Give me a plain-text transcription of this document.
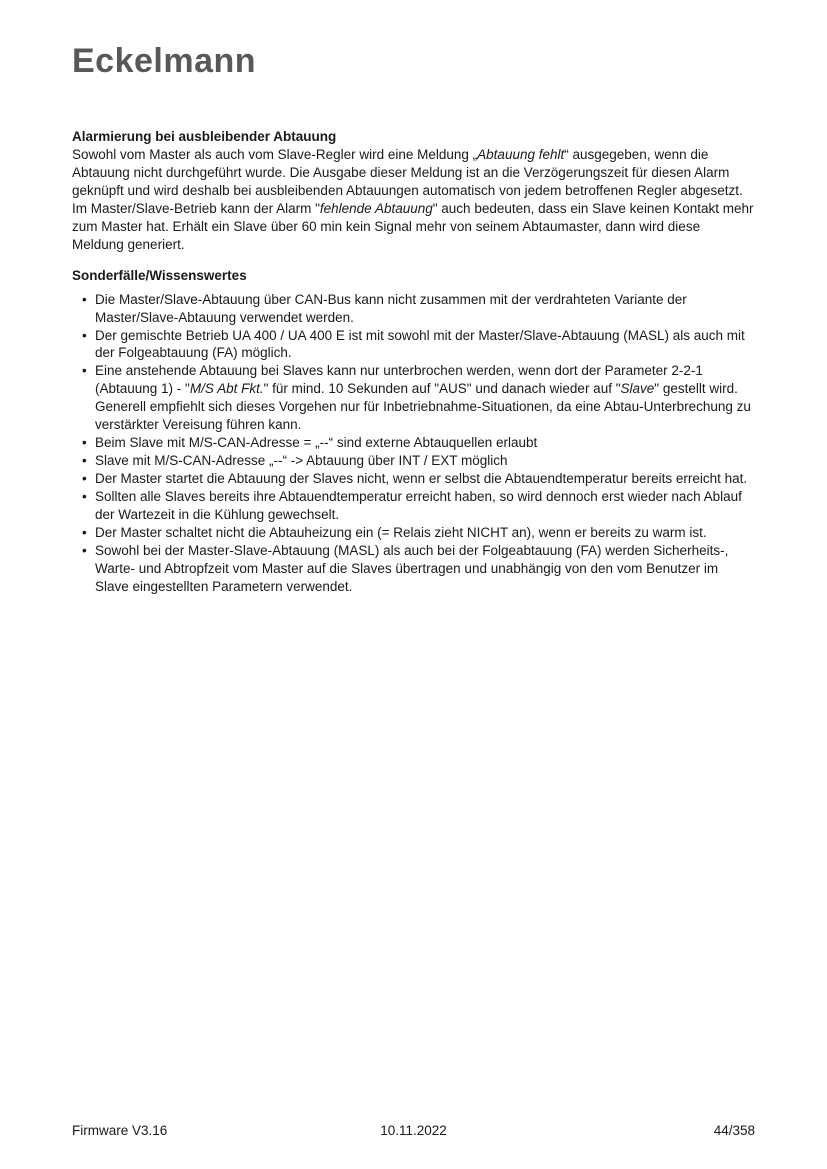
Eckelmann
Alarmierung bei ausbleibender Abtauung

Sowohl vom Master als auch vom Slave-Regler wird eine Meldung „Abtauung fehlt“ ausgegeben, wenn die Abtauung nicht durchgeführt wurde. Die Ausgabe dieser Meldung ist an die Verzögerungszeit für diesen Alarm geknüpft und wird deshalb bei ausbleibenden Abtauungen automatisch von jedem betroffenen Regler abgesetzt. Im Master/Slave-Betrieb kann der Alarm "fehlende Abtauung" auch bedeuten, dass ein Slave keinen Kontakt mehr zum Master hat. Erhält ein Slave über 60 min kein Signal mehr von seinem Abtaumaster, dann wird diese Meldung generiert.

Sonderfälle/Wissenswertes
• Die Master/Slave-Abtauung über CAN-Bus kann nicht zusammen mit der verdrahteten Variante der Master/Slave-Abtauung verwendet werden.
• Der gemischte Betrieb UA 400 / UA 400 E ist mit sowohl mit der Master/Slave-Abtauung (MASL) als auch mit der Folgeabtauung (FA) möglich.
• Eine anstehende Abtauung bei Slaves kann nur unterbrochen werden, wenn dort der Parameter 2-2-1 (Abtauung 1) - "M/S Abt Fkt." für mind. 10 Sekunden auf "AUS" und danach wieder auf "Slave" gestellt wird. Generell empfiehlt sich dieses Vorgehen nur für Inbetriebnahme-Situationen, da eine Abtau-Unterbrechung zu verstärkter Vereisung führen kann.
• Beim Slave mit M/S-CAN-Adresse = „--“ sind externe Abtauquellen erlaubt
• Slave mit M/S-CAN-Adresse „--“ -> Abtauung über INT / EXT möglich
• Der Master startet die Abtauung der Slaves nicht, wenn er selbst die Abtauendtemperatur bereits erreicht hat.
• Sollten alle Slaves bereits ihre Abtauendtemperatur erreicht haben, so wird dennoch erst wieder nach Ablauf der Wartezeit in die Kühlung gewechselt.
• Der Master schaltet nicht die Abtauheizung ein (= Relais zieht NICHT an), wenn er bereits zu warm ist.
• Sowohl bei der Master-Slave-Abtauung (MASL) als auch bei der Folgeabtauung (FA) werden Sicherheits-, Warte- und Abtropfzeit vom Master auf die Slaves übertragen und unabhängig von den vom Benutzer im Slave eingestellten Parametern verwendet.
Firmware V3.16	10.11.2022	44/358
